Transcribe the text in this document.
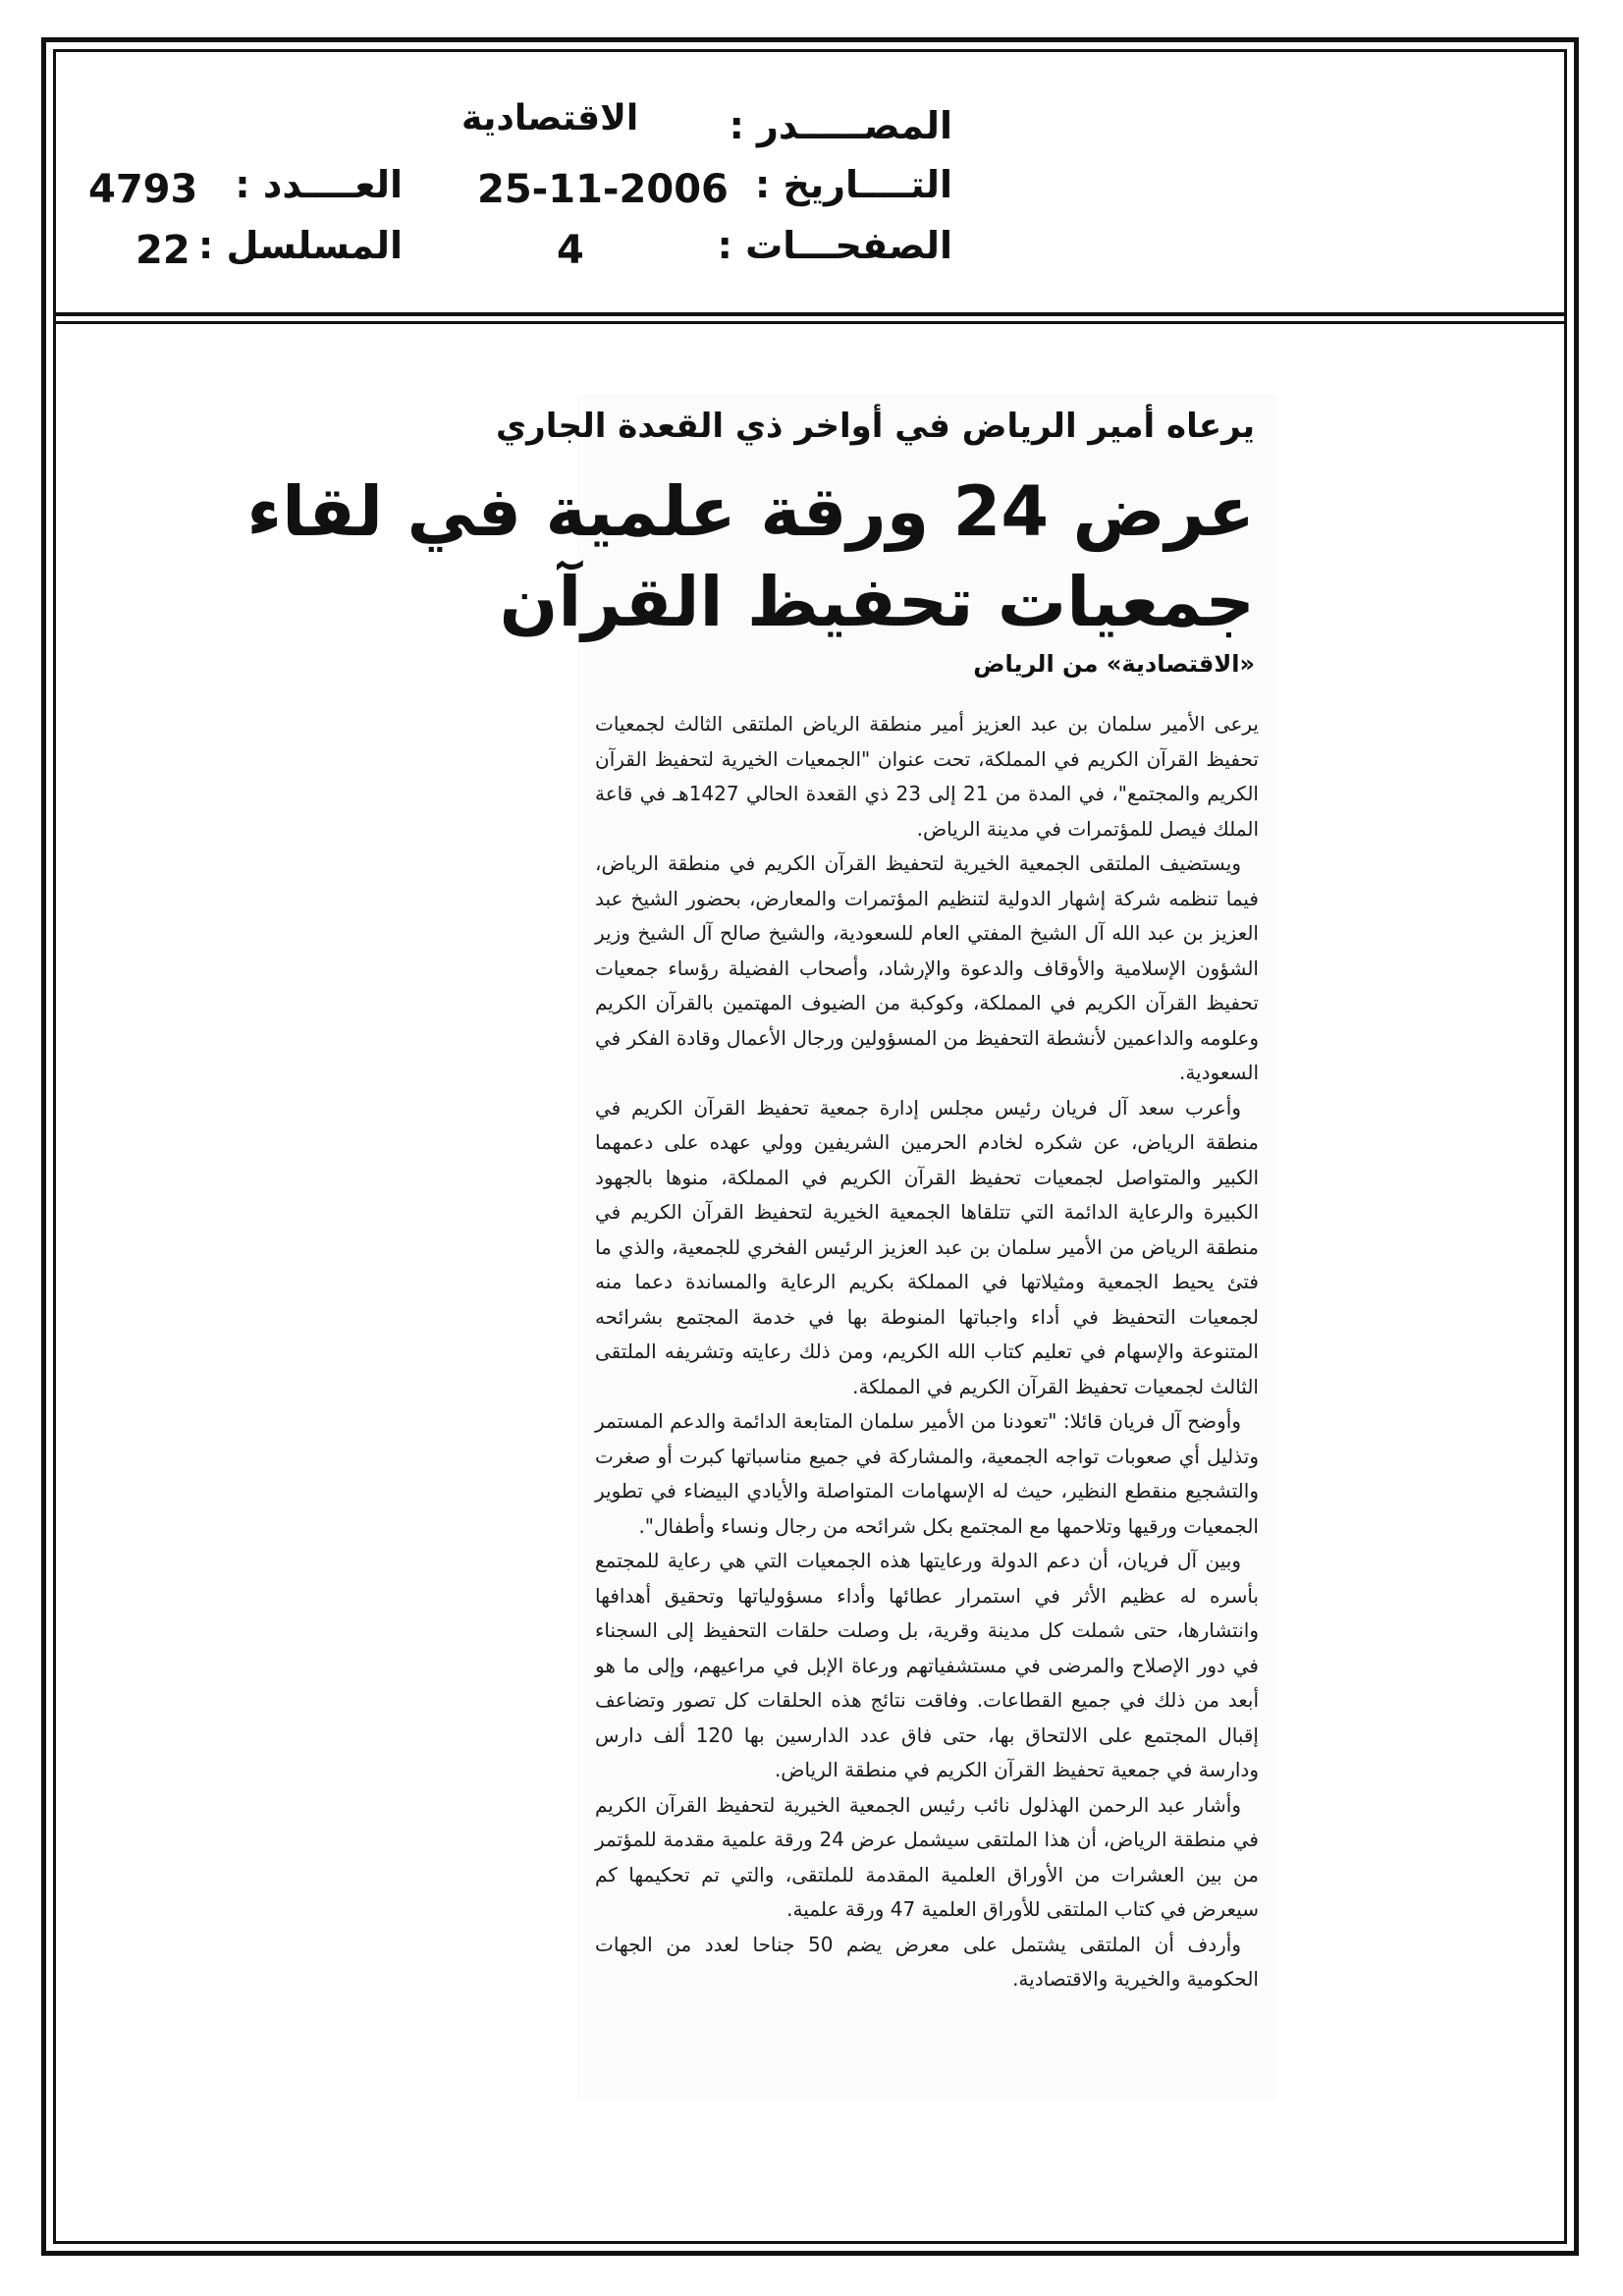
المصـــــدر :
الاقتصادية
التــــاريخ :
25-11-2006
الصفحـــات :
4
العــــدد :
4793
المسلسل :
22
يرعاه أمير الرياض في أواخر ذي القعدة الجاري
عرض 24 ورقة علمية في لقاء
جمعيات تحفيظ القرآن
«الاقتصادية» من الرياض

يرعى الأمير سلمان بن عبد العزيز أمير منطقة الرياض الملتقى الثالث لجمعيات تحفيظ القرآن الكريم في المملكة، تحت عنوان "الجمعيات الخيرية لتحفيظ القرآن الكريم والمجتمع"، في المدة من 21 إلى 23 ذي القعدة الحالي 1427هـ في قاعة الملك فيصل للمؤتمرات في مدينة الرياض.

ويستضيف الملتقى الجمعية الخيرية لتحفيظ القرآن الكريم في منطقة الرياض، فيما تنظمه شركة إشهار الدولية لتنظيم المؤتمرات والمعارض، بحضور الشيخ عبد العزيز بن عبد الله آل الشيخ المفتي العام للسعودية، والشيخ صالح آل الشيخ وزير الشؤون الإسلامية والأوقاف والدعوة والإرشاد، وأصحاب الفضيلة رؤساء جمعيات تحفيظ القرآن الكريم في المملكة، وكوكبة من الضيوف المهتمين بالقرآن الكريم وعلومه والداعمين لأنشطة التحفيظ من المسؤولين ورجال الأعمال وقادة الفكر في السعودية.

وأعرب سعد آل فريان رئيس مجلس إدارة جمعية تحفيظ القرآن الكريم في منطقة الرياض، عن شكره لخادم الحرمين الشريفين وولي عهده على دعمهما الكبير والمتواصل لجمعيات تحفيظ القرآن الكريم في المملكة، منوها بالجهود الكبيرة والرعاية الدائمة التي تتلقاها الجمعية الخيرية لتحفيظ القرآن الكريم في منطقة الرياض من الأمير سلمان بن عبد العزيز الرئيس الفخري للجمعية، والذي ما فتئ يحيط الجمعية ومثيلاتها في المملكة بكريم الرعاية والمساندة دعما منه لجمعيات التحفيظ في أداء واجباتها المنوطة بها في خدمة المجتمع بشرائحه المتنوعة والإسهام في تعليم كتاب الله الكريم، ومن ذلك رعايته وتشريفه الملتقى الثالث لجمعيات تحفيظ القرآن الكريم في المملكة.

وأوضح آل فريان قائلا: "تعودنا من الأمير سلمان المتابعة الدائمة والدعم المستمر وتذليل أي صعوبات تواجه الجمعية، والمشاركة في جميع مناسباتها كبرت أو صغرت والتشجيع منقطع النظير، حيث له الإسهامات المتواصلة والأيادي البيضاء في تطوير الجمعيات ورقيها وتلاحمها مع المجتمع بكل شرائحه من رجال ونساء وأطفال".

وبين آل فريان، أن دعم الدولة ورعايتها هذه الجمعيات التي هي رعاية للمجتمع بأسره له عظيم الأثر في استمرار عطائها وأداء مسؤولياتها وتحقيق أهدافها وانتشارها، حتى شملت كل مدينة وقرية، بل وصلت حلقات التحفيظ إلى السجناء في دور الإصلاح والمرضى في مستشفياتهم ورعاة الإبل في مراعيهم، وإلى ما هو أبعد من ذلك في جميع القطاعات. وفاقت نتائج هذه الحلقات كل تصور وتضاعف إقبال المجتمع على الالتحاق بها، حتى فاق عدد الدارسين بها 120 ألف دارس ودارسة في جمعية تحفيظ القرآن الكريم في منطقة الرياض.

وأشار عبد الرحمن الهذلول نائب رئيس الجمعية الخيرية لتحفيظ القرآن الكريم في منطقة الرياض، أن هذا الملتقى سيشمل عرض 24 ورقة علمية مقدمة للمؤتمر من بين العشرات من الأوراق العلمية المقدمة للملتقى، والتي تم تحكيمها كم سيعرض في كتاب الملتقى للأوراق العلمية 47 ورقة علمية.

وأردف أن الملتقى يشتمل على معرض يضم 50 جناحا لعدد من الجهات الحكومية والخيرية والاقتصادية.
